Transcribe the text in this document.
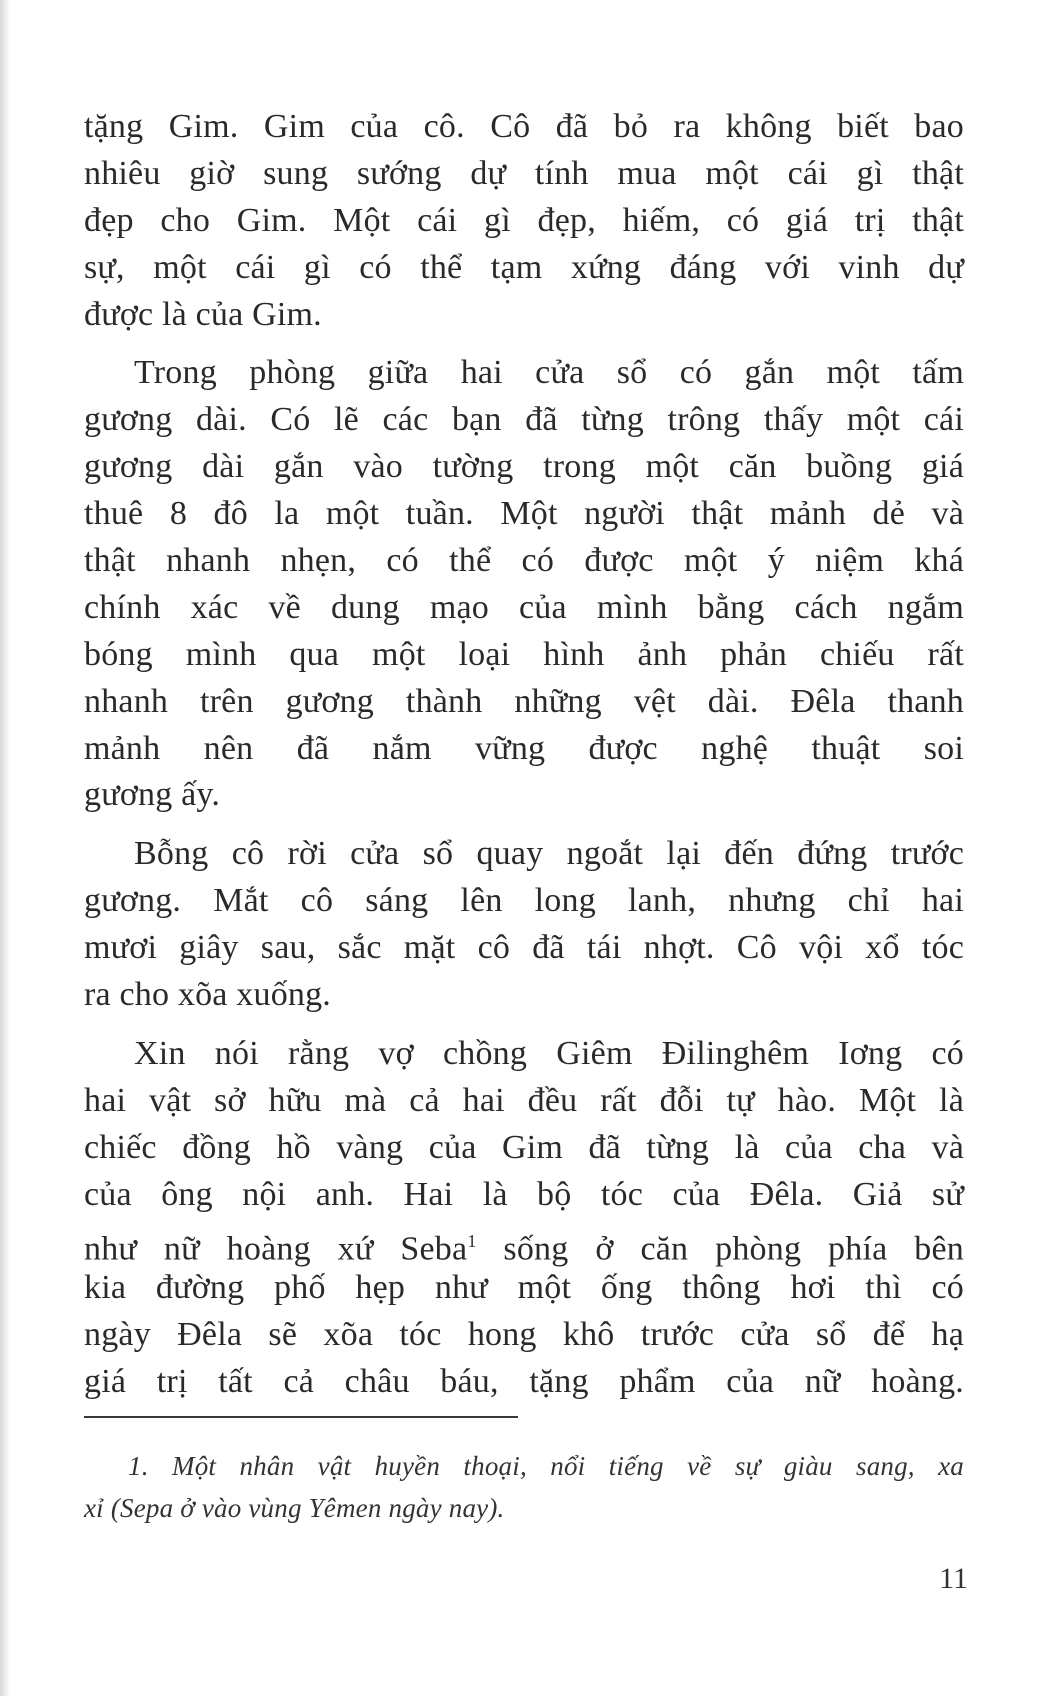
tặng Gim. Gim của cô. Cô đã bỏ ra không biết bao
nhiêu giờ sung sướng dự tính mua một cái gì thật
đẹp cho Gim. Một cái gì đẹp, hiếm, có giá trị thật
sự, một cái gì có thể tạm xứng đáng với vinh dự
được là của Gim.
Trong phòng giữa hai cửa sổ có gắn một tấm
gương dài. Có lẽ các bạn đã từng trông thấy một cái
gương dài gắn vào tường trong một căn buồng giá
thuê 8 đô la một tuần. Một người thật mảnh dẻ và
thật nhanh nhẹn, có thể có được một ý niệm khá
chính xác về dung mạo của mình bằng cách ngắm
bóng mình qua một loại hình ảnh phản chiếu rất
nhanh trên gương thành những vệt dài. Đêla thanh
mảnh nên đã nắm vững được nghệ thuật soi
gương ấy.
Bỗng cô rời cửa sổ quay ngoắt lại đến đứng trước
gương. Mắt cô sáng lên long lanh, nhưng chỉ hai
mươi giây sau, sắc mặt cô đã tái nhợt. Cô vội xổ tóc
ra cho xõa xuống.
Xin nói rằng vợ chồng Giêm Đilinghêm Iơng có
hai vật sở hữu mà cả hai đều rất đỗi tự hào. Một là
chiếc đồng hồ vàng của Gim đã từng là của cha và
của ông nội anh. Hai là bộ tóc của Đêla. Giả sử
như nữ hoàng xứ Seba$^1$ sống ở căn phòng phía bên
kia đường phố hẹp như một ống thông hơi thì có
ngày Đêla sẽ xõa tóc hong khô trước cửa sổ để hạ
giá trị tất cả châu báu, tặng phẩm của nữ hoàng.
1. Một nhân vật huyền thoại, nổi tiếng về sự giàu sang, xa
xỉ (Sepa ở vào vùng Yêmen ngày nay).
11
